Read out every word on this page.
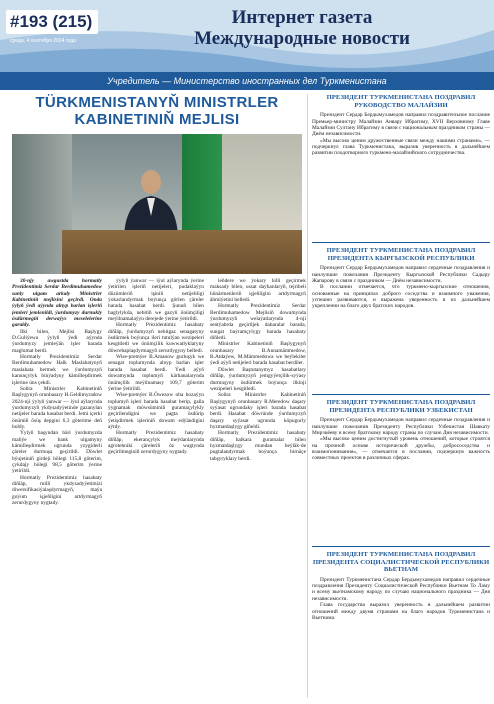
#193 (215)
среда, 4 сентября 2024 года
Интернет газета
Международные новости
Учредитель — Министерство иностранных дел Туркменистана
TÜRKMENISTANYŇ MINISTRLER
KABINETINIŇ MEJLISI

30-njy awgustda hormatly Prezidentimiz Serdar Berdimuhamedow sanly ulgam arkaly Ministrler Kabinetiniň mejlisini geçirdi. Onda ýylyň ýedi aýynda alnyp barlan işleriň jemleri jemlenildi, ýurdumyzy durnukly ösdürmegiň derwaýys meselelerine garaldy.

Ilki bilen, Mejlisi Başlygy D.Guliýewa ýylyň ýedi aýynda ýurdumyzy jemleýän işler barada maglumat berdi.

Hormatly Prezidentimiz Serdar Berdimuhamedow Halk Maslahatynyň maslahata bermek we ýurdumyzyň kanunçylyk binýadyny kämilleşdirmek işlerine üns çekdi.

Soňra Ministrler Kabinetiniň Başlygynyň orunbasary H.Geldimyradow 2024-nji ýylyň ýanwar — iýul aýlarynda ýurdumyzyň ykdysadyýetinde gazanylan netijeler barada hasabat berdi. Jemi içerki önümiň ösüş depgini 6,3 göterime deň boldy.

Ýylyň başyndan bäri ýurdumyzda maliýe we bank ulgamyny kämilleşdirmek ugrunda yzygiderli çäreler durmuşa geçirildi. Döwlet býujetiniň girdeji bölegi 115,8 göterim, çykdajy bölegi 98,5 göterim ýerine ýetirildi.

Hormatly Prezidentimiz hasabaty diňläp, milli ykdysadyýetimizi diwersifikasiýalaşdyrmagyň, maýa goýum işjeňligini artdyrmagyň zerurdygyny nygtady.

ýylyň ýanwar — iýul aýlarynda ýerine ýetirilen işleriň netijeleri, pudaklaýyn düzümleriň işiniň netijeliligi ýokarlandyrmak boýunça görlen çäreler barada hasabat berdi. Şunuň bilen baglylykda, nebitiň we gazyň önümçiligi meýilnamalaýyn derejede ýerine ýetirildi.

Hormatly Prezidentimiz hasabaty diňläp, ýurdumyzyň nebitgaz senagatyny ösdürmek boýunça ileri tutulýan wezipeleri kesgitledi we önümçilik kuwwatlyklaryny döwrebaplaşdyrmagyň zerurdygyny belledi.

Wise-premýer B.Amanow gurluşyk we senagat toplumynda alnyp barlan işler barada hasabat berdi. Ýedi aýyň dowamynda toplumyň kärhanalarynda önümçilik meýilnamasy 109,7 göterim ýerine ýetirildi.

Wise-premýer B.Öwezow oba hozaýyn toplumyň işleri barada hasabat berip, galla ýygnamak möwsüminiň guramaçylykly geçirilendigini we pagta ösdürip ýetişdirmek işleriniň dowam edýändigini aýtdy.

Hormatly Prezidentimiz hasabaty diňläp, ekerançylyk meýdanlarynda agrotehniki çäreleriň öz wagtynda geçirilmeginiň zerurdygyny nygtady.

leňdere we ýokary hilli geçirmek maksady bilen, ussat daýhanlaryň, tejribeli hünärmenleriň işjeňligini artdyrmagyň ähmiýetini belledi.

Hormatly Prezidentimiz Serdar Berdimuhamedow Mejlisiň dowamynda ýurdumyzyň welaýatlarynda 4-nji sentýabrda geçiriljek dabaralar barada, sungat baýramçylygy barada hasabaty diňledi.

Ministrler Kabinetiniň Başlygynyň orunbasary B.Annamämmedow, B.Atdaýew, M.Mämmedowa we beýlekiler ýedi aýyň netijeleri barada hasabat berdiler.

Döwlet Baştutanymyz hasabatlary diňläp, ýurdumyzyň jemgyýetçilik-syýasy durmuşyny ösdürmek boýunça ilkinji wezipeleri kesgitledi.

Soňra Ministrler Kabinetiniň Başlygynyň orunbasary R.Meredow daşary syýasat ugrundaky işleri barada hasabat berdi. Hasabat döwründe ýurdumyzyň daşary syýasat ugrunda köpugurly hyzmatdaşlygy giňeldi.

Hormatly Prezidentimiz hasabaty diňläp, halkara guramalar bilen hyzmatdaşlygy mundan beýläk-de pugtalandyrmak boýunça birnäçe tabşyryklary berdi.

ПРЕЗИДЕНТ ТУРКМЕНИСТАНА ПОЗДРАВИЛ РУКОВОДСТВО МАЛАЙЗИИ

Президент Сердар Бердымухамедов направил поздравительное послание Премьер-министру Малайзии Анвару Ибрагиму, XVII Верховному Главе Малайзии Султану Ибрагиму в связи с национальным праздником страны — Днём независимости.

«Мы высоко ценим дружественные связи между нашими странами», — подчеркнул глава Туркменистана, выразив уверенность в дальнейшем развитии плодотворного туркмено-малайзийского сотрудничества.

ПРЕЗИДЕНТ ТУРКМЕНИСТАНА ПОЗДРАВИЛ ПРЕЗИДЕНТА КЫРГЫЗСКОЙ РЕСПУБЛИКИ

Президент Сердар Бердымухамедов направил сердечные поздравления и наилучшие пожелания Президенту Кыргызской Республики Садыру Жапарову в связи с праздником — Днём независимости.

В послании отмечается, что туркмено-кыргызские отношения, основанные на принципах доброго соседства и взаимного уважения, успешно развиваются, и выражена уверенность в их дальнейшем укреплении на благо двух братских народов.

ПРЕЗИДЕНТ ТУРКМЕНИСТАНА ПОЗДРАВИЛ ПРЕЗИДЕНТА РЕСПУБЛИКИ УЗБЕКИСТАН

Президент Сердар Бердымухамедов направил сердечные поздравления и наилучшие пожелания Президенту Республики Узбекистан Шавкату Мирзиёеву и всему братскому народу страны по случаю Дня независимости.

«Мы высоко ценим достигнутый уровень отношений, которые строятся на прочной основе исторической дружбы, добрососедства и взаимопонимания», — отмечается в послании, подчеркнув важность совместных проектов в различных сферах.

ПРЕЗИДЕНТ ТУРКМЕНИСТАНА ПОЗДРАВИЛ ПРЕЗИДЕНТА СОЦИАЛИСТИЧЕСКОЙ РЕСПУБЛИКИ ВЬЕТНАМ

Президент Туркменистана Сердар Бердымухамедов направил сердечные поздравления Президенту Социалистической Республики Вьетнам То Ламу и всему вьетнамскому народу по случаю национального праздника — Дня независимости.

Глава государства выразил уверенность в дальнейшем развитии отношений между двумя странами на благо народов Туркменистана и Вьетнама.
